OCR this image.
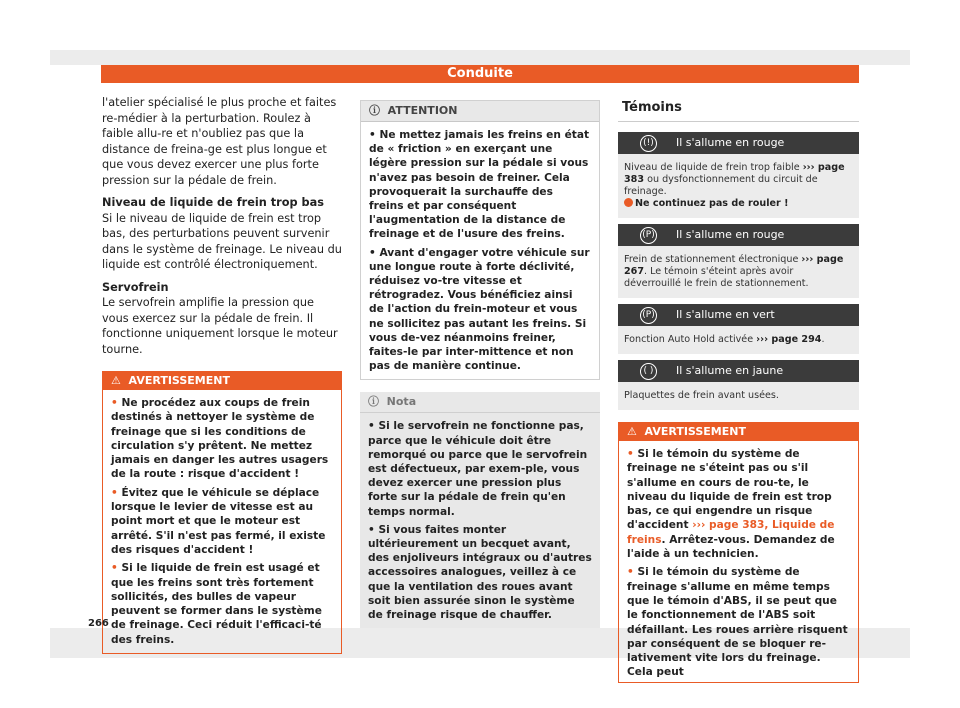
Conduite

l'atelier spécialisé le plus proche et faites re-médier à la perturbation. Roulez à faible allu-re et n'oubliez pas que la distance de freina-ge est plus longue et que vous devez exercer une plus forte pression sur la pédale de frein.

Niveau de liquide de frein trop bas

Si le niveau de liquide de frein est trop bas, des perturbations peuvent survenir dans le système de freinage. Le niveau du liquide est contrôlé électroniquement.

Servofrein

Le servofrein amplifie la pression que vous exercez sur la pédale de frein. Il fonctionne uniquement lorsque le moteur tourne.

⚠ AVERTISSEMENT

• Ne procédez aux coups de frein destinés à nettoyer le système de freinage que si les conditions de circulation s'y prêtent. Ne mettez jamais en danger les autres usagers de la route : risque d'accident !

• Évitez que le véhicule se déplace lorsque le levier de vitesse est au point mort et que le moteur est arrêté. S'il n'est pas fermé, il existe des risques d'accident !

• Si le liquide de frein est usagé et que les freins sont très fortement sollicités, des bulles de vapeur peuvent se former dans le système de freinage. Ceci réduit l'efficaci-té des freins.

ⓘ ATTENTION

• Ne mettez jamais les freins en état de « friction » en exerçant une légère pression sur la pédale si vous n'avez pas besoin de freiner. Cela provoquerait la surchauffe des freins et par conséquent l'augmentation de la distance de freinage et de l'usure des freins.

• Avant d'engager votre véhicule sur une longue route à forte déclivité, réduisez vo-tre vitesse et rétrogradez. Vous bénéficiez ainsi de l'action du frein-moteur et vous ne sollicitez pas autant les freins. Si vous de-vez néanmoins freiner, faites-le par inter-mittence et non pas de manière continue.

ⓘ Nota

• Si le servofrein ne fonctionne pas, parce que le véhicule doit être remorqué ou parce que le servofrein est défectueux, par exem-ple, vous devez exercer une pression plus forte sur la pédale de frein qu'en temps normal.

• Si vous faites monter ultérieurement un becquet avant, des enjoliveurs intégraux ou d'autres accessoires analogues, veillez à ce que la ventilation des roues avant soit bien assurée sinon le système de freinage risque de chauffer.

Témoins
(!) Il s'allume en rouge
Niveau de liquide de frein trop faible ››› page 383 ou dysfonctionnement du circuit de freinage.
Ne continuez pas de rouler !
(P) Il s'allume en rouge
Frein de stationnement électronique ››› page 267. Le témoin s'éteint après avoir déverrouillé le frein de stationnement.
(P) Il s'allume en vert
Fonction Auto Hold activée ››› page 294.
( )	Il s'allume en jaune
Plaquettes de frein avant usées.
⚠ AVERTISSEMENT

• Si le témoin du système de freinage ne s'éteint pas ou s'il s'allume en cours de rou-te, le niveau du liquide de frein est trop bas, ce qui engendre un risque d'accident ››› page 383, Liquide de freins. Arrêtez-vous. Demandez de l'aide à un technicien.

• Si le témoin du système de freinage s'allume en même temps que le témoin d'ABS, il se peut que le fonctionnement de l'ABS soit défaillant. Les roues arrière risquent par conséquent de se bloquer re-lativement vite lors du freinage. Cela peut

266
